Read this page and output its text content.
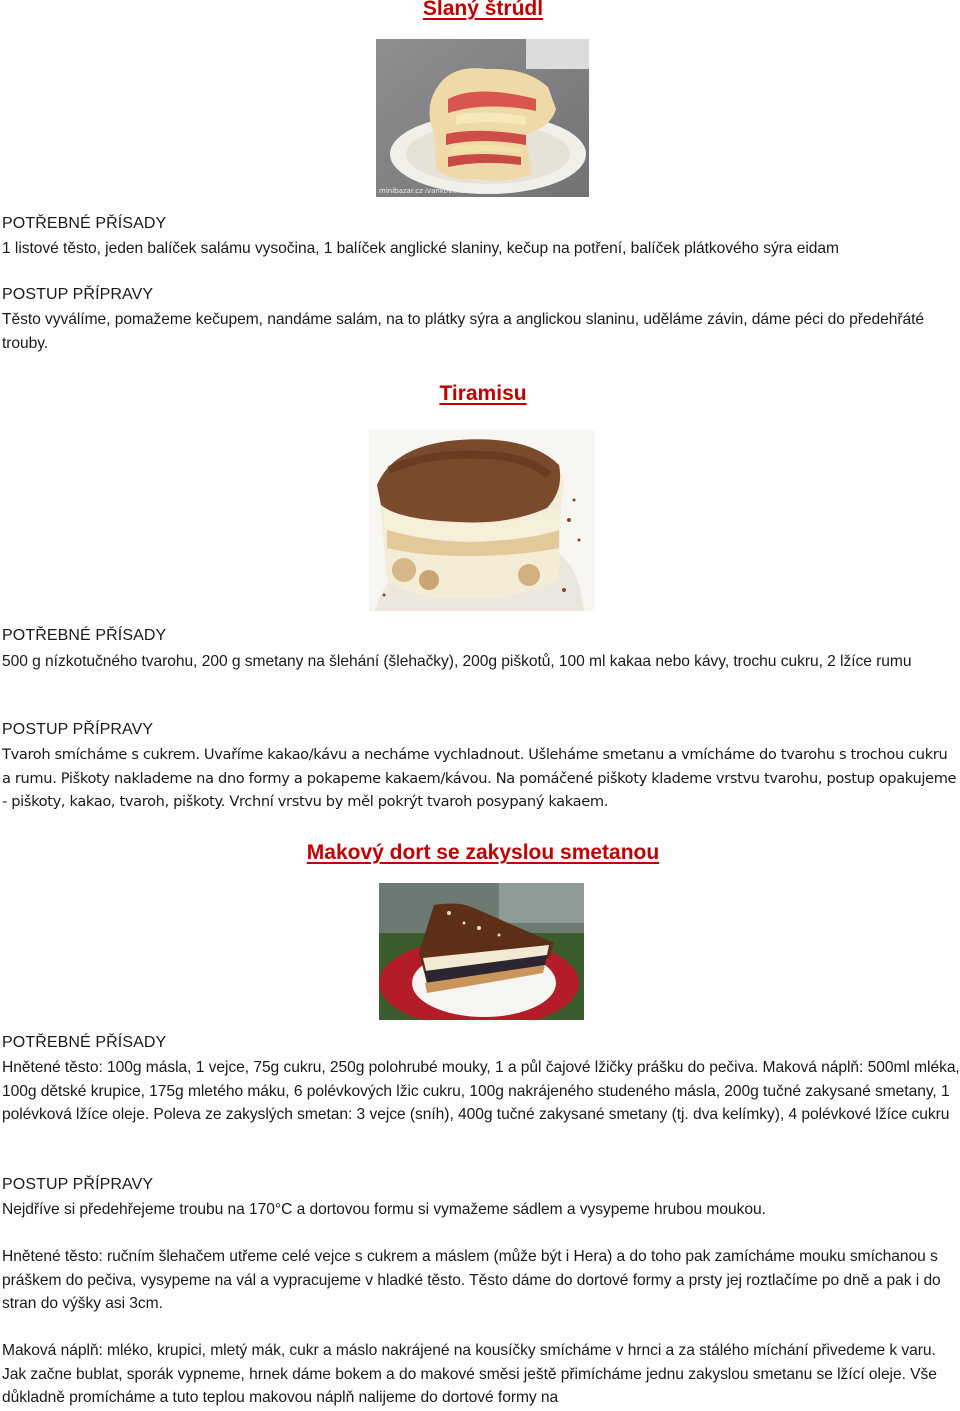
Slaný štrúdl
minibazar.cz ivankovitkova
POTŘEBNÉ PŘÍSADY
1 listové těsto, jeden balíček salámu vysočina, 1 balíček anglické slaniny, kečup na potření, balíček plátkového sýra eidam
POSTUP PŘÍPRAVY
Těsto vyválíme, pomažeme kečupem, nandáme salám, na to plátky sýra a anglickou slaninu, uděláme závin, dáme péci do předehřáté trouby.
Tiramisu
POTŘEBNÉ PŘÍSADY
500 g nízkotučného tvarohu, 200 g smetany na šlehání (šlehačky), 200g piškotů, 100 ml kakaa nebo kávy, trochu cukru, 2 lžíce rumu
POSTUP PŘÍPRAVY
Tvaroh smícháme s cukrem. Uvaříme kakao/kávu a necháme vychladnout. Ušleháme smetanu a vmícháme do tvarohu s trochou cukru a rumu. Piškoty naklademe na dno formy a pokapeme kakaem/kávou. Na pomáčené piškoty klademe vrstvu tvarohu, postup opakujeme - piškoty, kakao, tvaroh, piškoty. Vrchní vrstvu by měl pokrýt tvaroh posypaný kakaem.
Makový dort se zakyslou smetanou
POTŘEBNÉ PŘÍSADY
Hnětené těsto: 100g másla, 1 vejce, 75g cukru, 250g polohrubé mouky, 1 a půl čajové lžičky prášku do pečiva. Maková náplň: 500ml mléka, 100g dětské krupice, 175g mletého máku, 6 polévkových lžic cukru, 100g nakrájeného studeného másla, 200g tučné zakysané smetany, 1 polévková lžíce oleje. Poleva ze zakyslých smetan: 3 vejce (sníh), 400g tučné zakysané smetany (tj. dva kelímky), 4 polévkové lžíce cukru
POSTUP PŘÍPRAVY
Nejdříve si předehřejeme troubu na 170°C a dortovou formu si vymažeme sádlem a vysypeme hrubou moukou.
Hnětené těsto: ručním šlehačem utřeme celé vejce s cukrem a máslem (může být i Hera) a do toho pak zamícháme mouku smíchanou s práškem do pečiva, vysypeme na vál a vypracujeme v hladké těsto. Těsto dáme do dortové formy a prsty jej roztlačíme po dně a pak i do stran do výšky asi 3cm.
Maková náplň: mléko, krupici, mletý mák, cukr a máslo nakrájené na kousíčky smícháme v hrnci a za stálého míchání přivedeme k varu. Jak začne bublat, sporák vypneme, hrnek dáme bokem a do makové směsi ještě přimícháme jednu zakyslou smetanu se lžící oleje. Vše důkladně promícháme a tuto teplou makovou náplň nalijeme do dortové formy na
